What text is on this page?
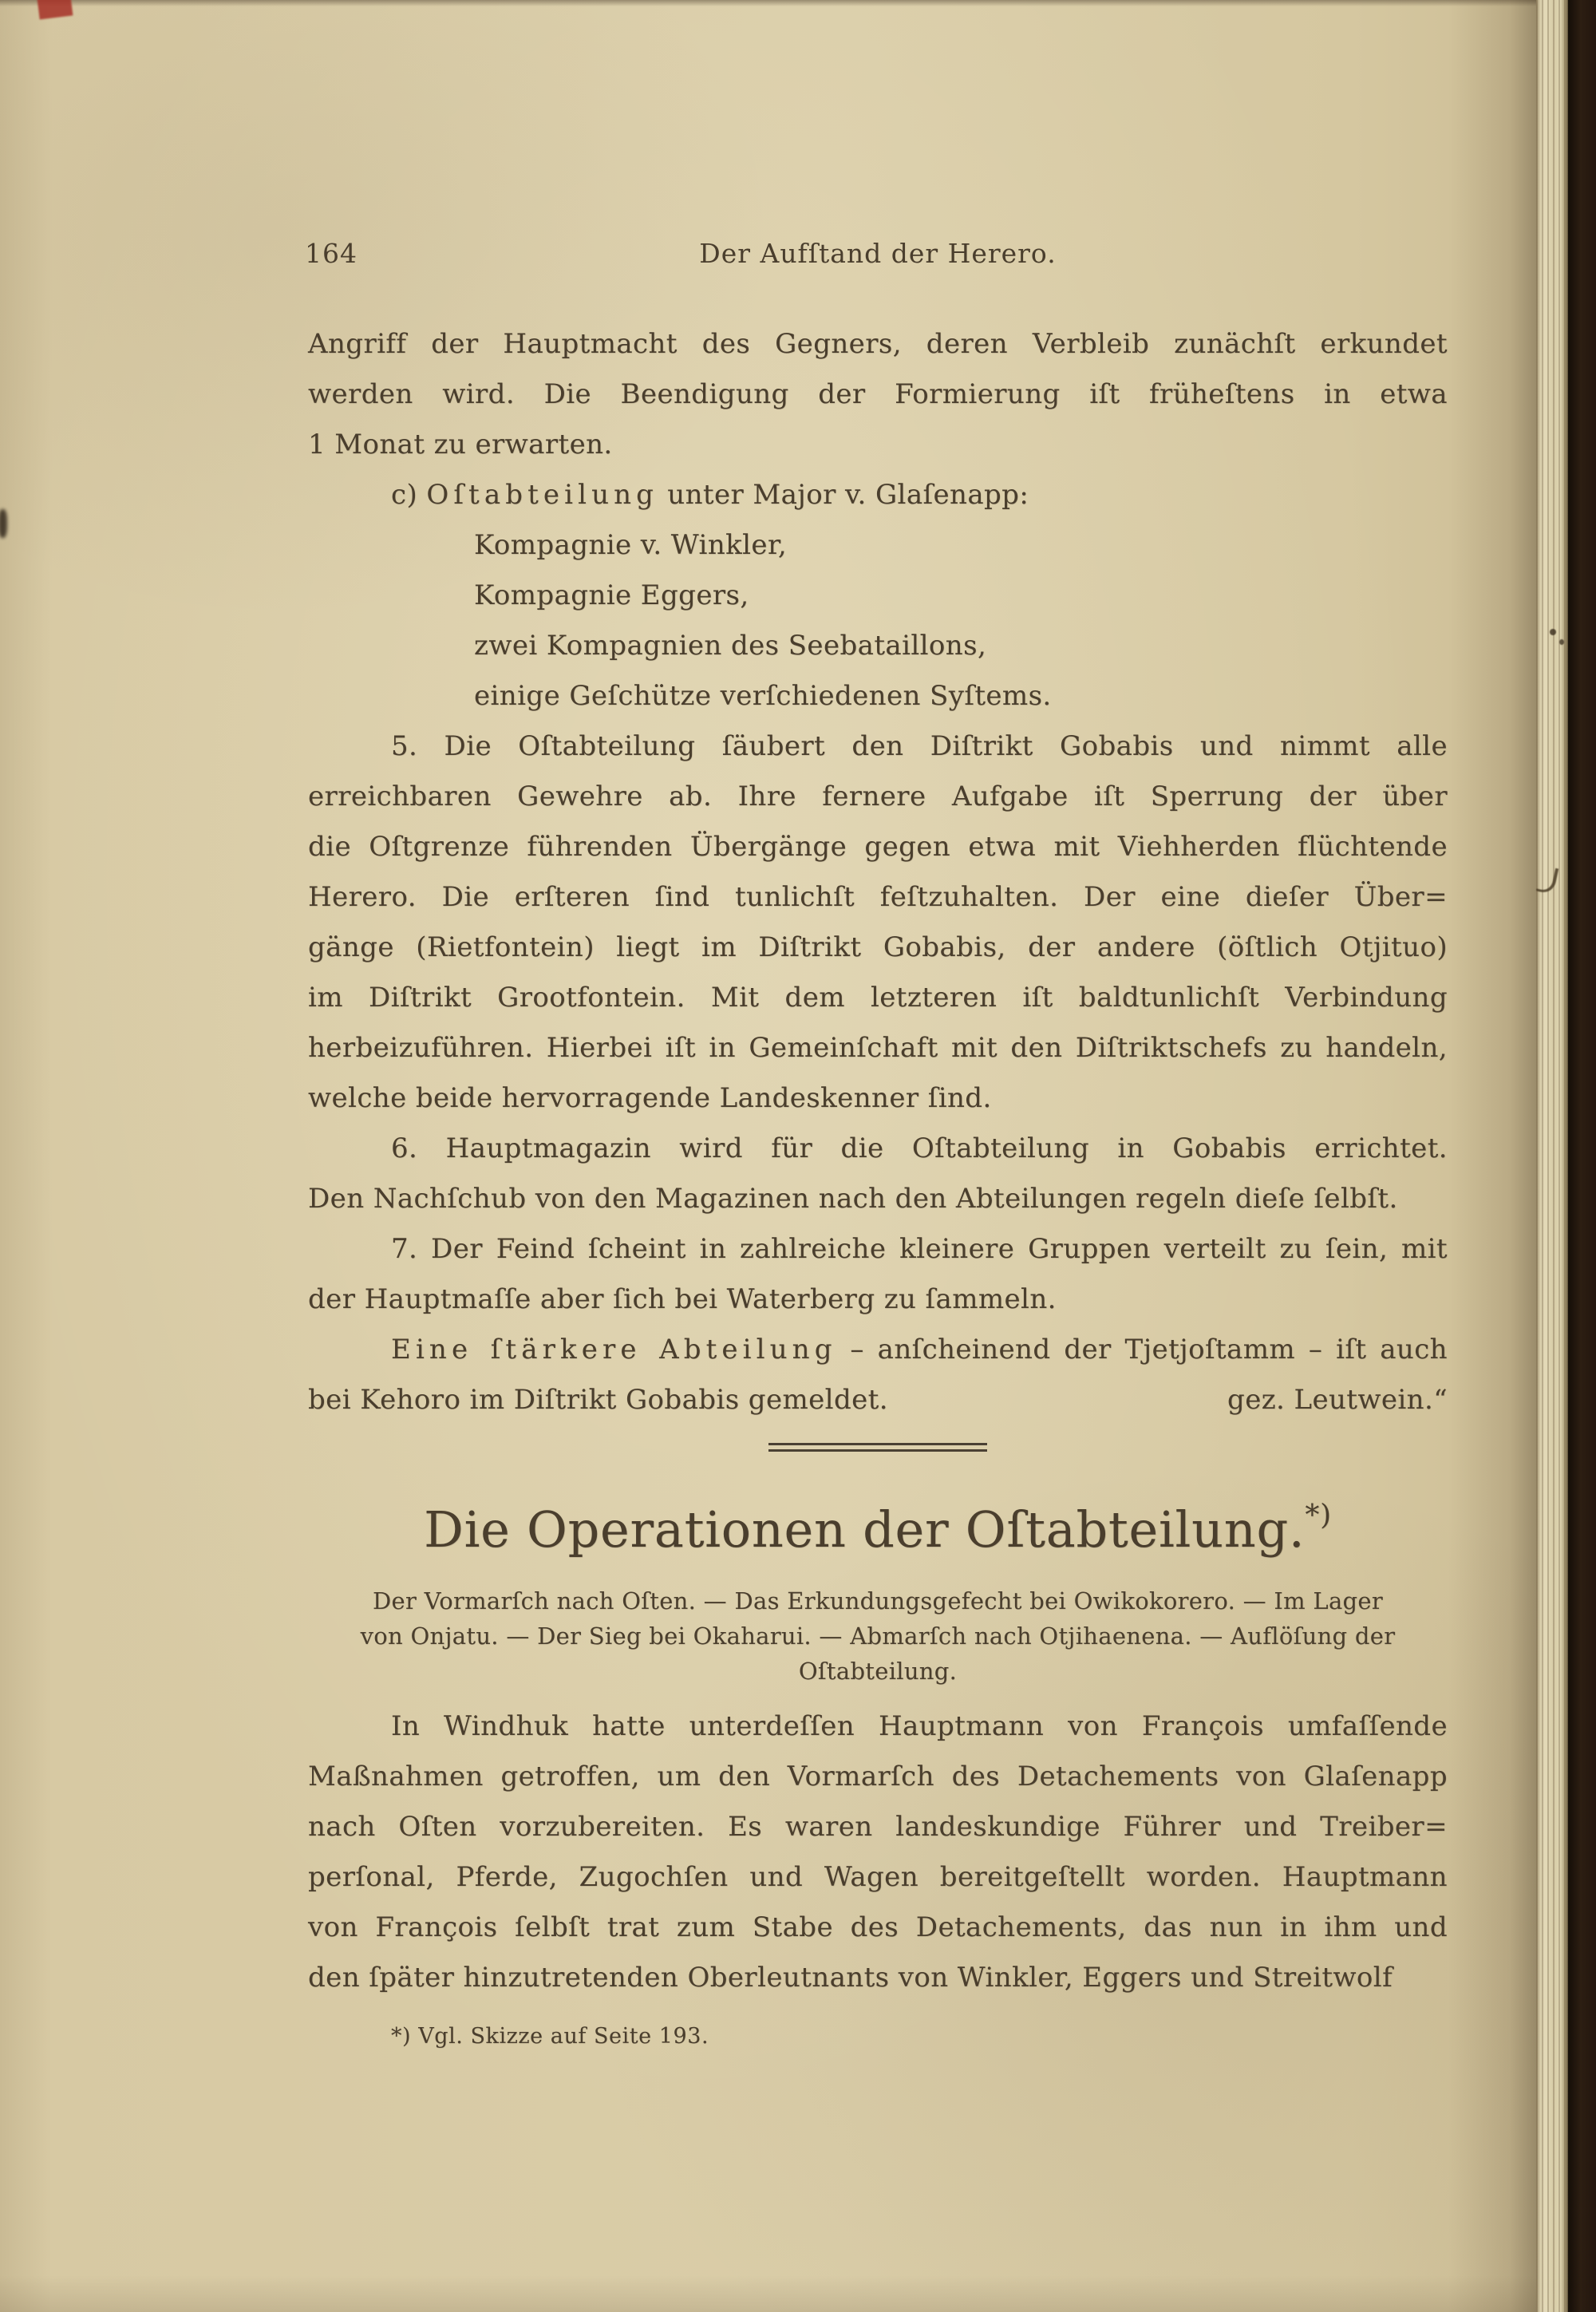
164	Der Aufſtand der Herero.
Angriff der Hauptmacht des Gegners, deren Verbleib zunächſt erkundet
werden wird. Die Beendigung der Formierung iſt früheſtens in etwa
1 Monat zu erwarten.
c) Oſtabteilung unter Major v. Glaſenapp:
Kompagnie v. Winkler,
Kompagnie Eggers,
zwei Kompagnien des Seebataillons,
einige Geſchütze verſchiedenen Syſtems.
5. Die Oſtabteilung ſäubert den Diſtrikt Gobabis und nimmt alle
erreichbaren Gewehre ab. Ihre fernere Aufgabe iſt Sperrung der über
die Oſtgrenze führenden Übergänge gegen etwa mit Viehherden flüchtende
Herero. Die erſteren ſind tunlichſt feſtzuhalten. Der eine dieſer Über=
gänge (Rietfontein) liegt im Diſtrikt Gobabis, der andere (öſtlich Otjituo)
im Diſtrikt Grootfontein. Mit dem letzteren iſt baldtunlichſt Verbindung
herbeizuführen. Hierbei iſt in Gemeinſchaft mit den Diſtriktschefs zu handeln,
welche beide hervorragende Landeskenner ſind.
6. Hauptmagazin wird für die Oſtabteilung in Gobabis errichtet.
Den Nachſchub von den Magazinen nach den Abteilungen regeln dieſe ſelbſt.
7. Der Feind ſcheint in zahlreiche kleinere Gruppen verteilt zu ſein, mit
der Hauptmaſſe aber ſich bei Waterberg zu ſammeln.
Eine ſtärkere Abteilung – anſcheinend der Tjetjoſtamm – iſt auch
bei Kehoro im Diſtrikt Gobabis gemeldet.	gez. Leutwein.“
Die Operationen der Oſtabteilung.*)
Der Vormarſch nach Oſten. — Das Erkundungsgefecht bei Owikokorero. — Im Lager
von Onjatu. — Der Sieg bei Okaharui. — Abmarſch nach Otjihaenena. — Auflöſung der
Oſtabteilung.
In Windhuk hatte unterdeſſen Hauptmann von François umfaſſende
Maßnahmen getroffen, um den Vormarſch des Detachements von Glaſenapp
nach Oſten vorzubereiten. Es waren landeskundige Führer und Treiber=
perſonal, Pferde, Zugochſen und Wagen bereitgeſtellt worden. Hauptmann
von François ſelbſt trat zum Stabe des Detachements, das nun in ihm und
den ſpäter hinzutretenden Oberleutnants von Winkler, Eggers und Streitwolf
*) Vgl. Skizze auf Seite 193.
